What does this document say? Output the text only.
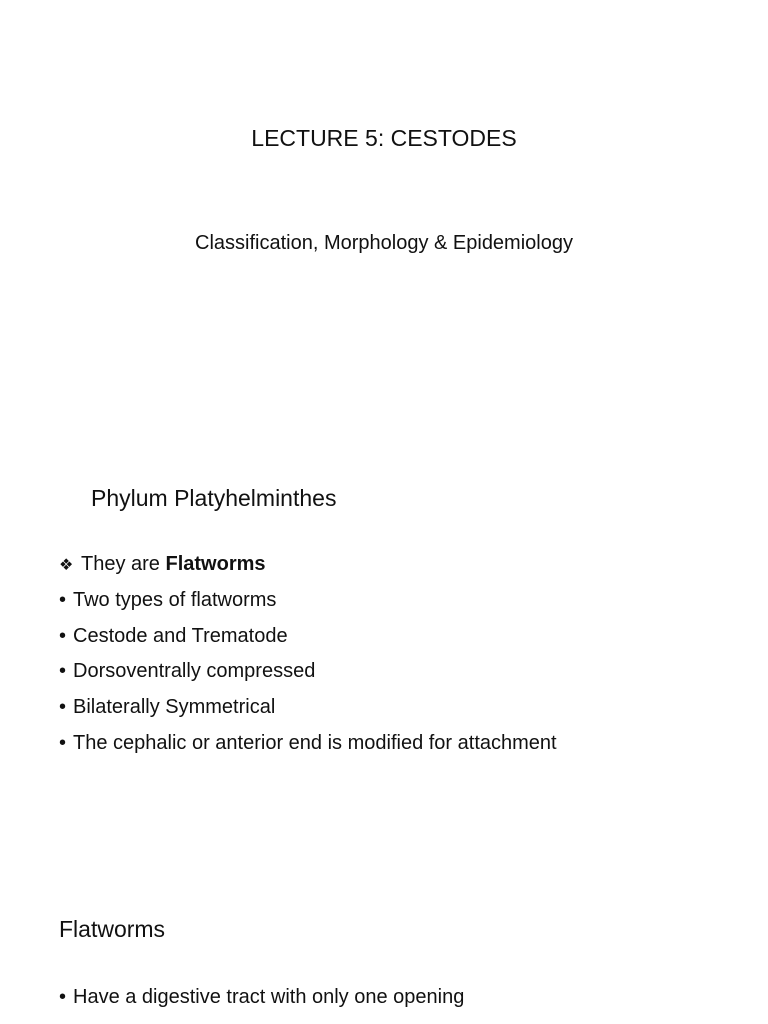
LECTURE 5: CESTODES
Classification, Morphology & Epidemiology
Phylum Platyhelminthes
❖ They are Flatworms
• Two types of flatworms
• Cestode and Trematode
• Dorsoventrally compressed
• Bilaterally Symmetrical
• The cephalic or anterior end is modified for attachment
Flatworms
• Have a digestive tract with only one opening
